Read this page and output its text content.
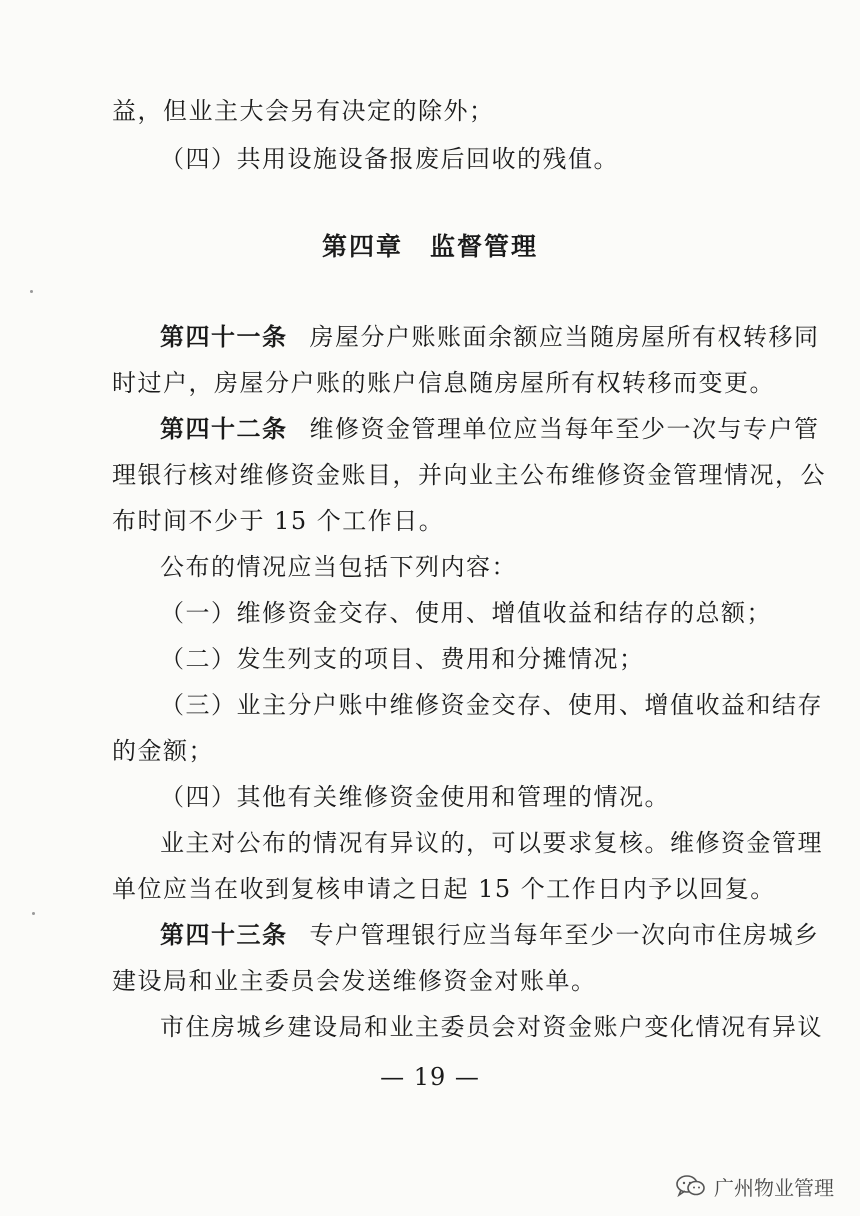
益，但业主大会另有决定的除外；
（四）共用设施设备报废后回收的残值。
第四章　监督管理
第四十一条 房屋分户账账面余额应当随房屋所有权转移同
时过户，房屋分户账的账户信息随房屋所有权转移而变更。
第四十二条 维修资金管理单位应当每年至少一次与专户管
理银行核对维修资金账目，并向业主公布维修资金管理情况，公
布时间不少于 15 个工作日。
公布的情况应当包括下列内容：
（一）维修资金交存、使用、增值收益和结存的总额；
（二）发生列支的项目、费用和分摊情况；
（三）业主分户账中维修资金交存、使用、增值收益和结存
的金额；
（四）其他有关维修资金使用和管理的情况。
业主对公布的情况有异议的，可以要求复核。维修资金管理
单位应当在收到复核申请之日起 15 个工作日内予以回复。
第四十三条 专户管理银行应当每年至少一次向市住房城乡
建设局和业主委员会发送维修资金对账单。
市住房城乡建设局和业主委员会对资金账户变化情况有异议
— 19 —
广州物业管理
